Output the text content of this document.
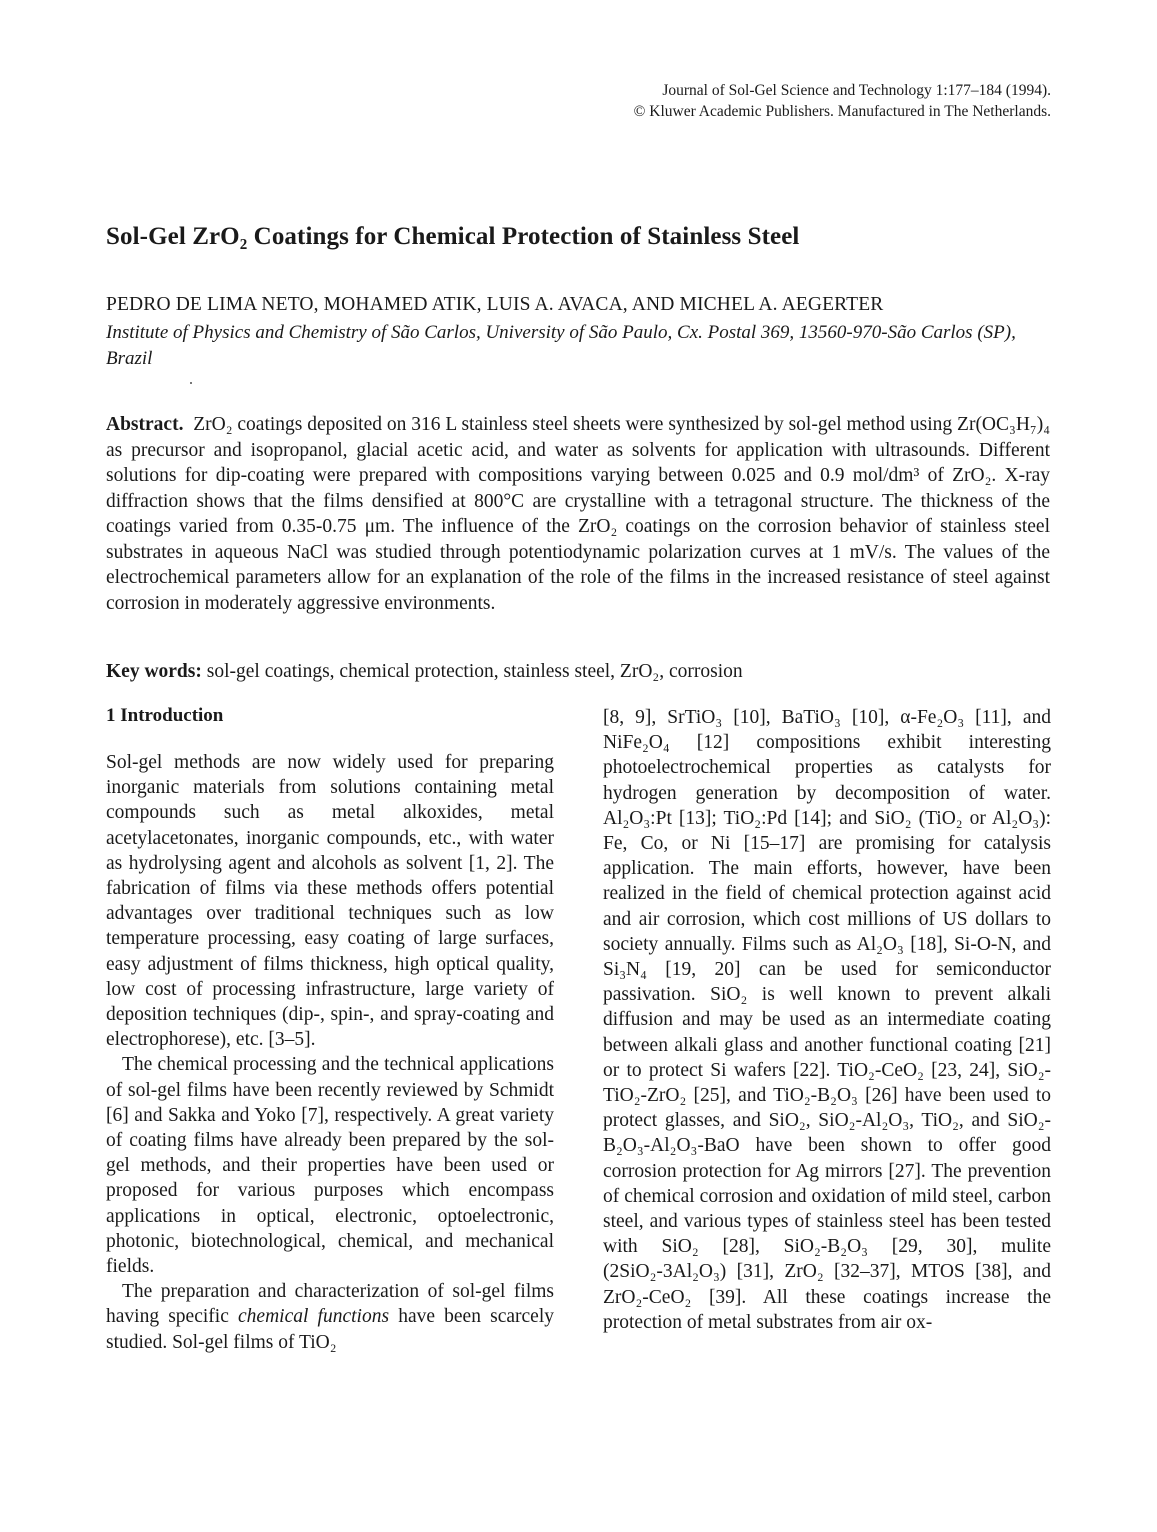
Journal of Sol-Gel Science and Technology 1:177–184 (1994).
© Kluwer Academic Publishers. Manufactured in The Netherlands.
Sol-Gel ZrO₂ Coatings for Chemical Protection of Stainless Steel
PEDRO DE LIMA NETO, MOHAMED ATIK, LUIS A. AVACA, AND MICHEL A. AEGERTER
Institute of Physics and Chemistry of São Carlos, University of São Paulo, Cx. Postal 369, 13560-970-São Carlos (SP), Brazil

Abstract. ZrO₂ coatings deposited on 316 L stainless steel sheets were synthesized by sol-gel method using Zr(OC₃H₇)₄ as precursor and isopropanol, glacial acetic acid, and water as solvents for application with ultrasounds. Different solutions for dip-coating were prepared with compositions varying between 0.025 and 0.9 mol/dm³ of ZrO₂. X-ray diffraction shows that the films densified at 800°C are crystalline with a tetragonal structure. The thickness of the coatings varied from 0.35-0.75 μm. The influence of the ZrO₂ coatings on the corrosion behavior of stainless steel substrates in aqueous NaCl was studied through potentiodynamic polarization curves at 1 mV/s. The values of the electrochemical parameters allow for an explanation of the role of the films in the increased resistance of steel against corrosion in moderately aggressive environments.

Key words: sol-gel coatings, chemical protection, stainless steel, ZrO₂, corrosion

1 Introduction

Sol-gel methods are now widely used for preparing inorganic materials from solutions containing metal compounds such as metal alkoxides, metal acetylacetonates, inorganic compounds, etc., with water as hydrolysing agent and alcohols as solvent [1, 2]. The fabrication of films via these methods offers potential advantages over traditional techniques such as low temperature processing, easy coating of large surfaces, easy adjustment of films thickness, high optical quality, low cost of processing infrastructure, large variety of deposition techniques (dip-, spin-, and spray-coating and electrophorese), etc. [3–5].

The chemical processing and the technical applications of sol-gel films have been recently reviewed by Schmidt [6] and Sakka and Yoko [7], respectively. A great variety of coating films have already been prepared by the sol-gel methods, and their properties have been used or proposed for various purposes which encompass applications in optical, electronic, optoelectronic, photonic, biotechnological, chemical, and mechanical fields.

The preparation and characterization of sol-gel films having specific chemical functions have been scarcely studied. Sol-gel films of TiO₂

[8, 9], SrTiO₃ [10], BaTiO₃ [10], α-Fe₂O₃ [11], and NiFe₂O₄ [12] compositions exhibit interesting photoelectrochemical properties as catalysts for hydrogen generation by decomposition of water. Al₂O₃:Pt [13]; TiO₂:Pd [14]; and SiO₂ (TiO₂ or Al₂O₃): Fe, Co, or Ni [15–17] are promising for catalysis application. The main efforts, however, have been realized in the field of chemical protection against acid and air corrosion, which cost millions of US dollars to society annually. Films such as Al₂O₃ [18], Si-O-N, and Si₃N₄ [19, 20] can be used for semiconductor passivation. SiO₂ is well known to prevent alkali diffusion and may be used as an intermediate coating between alkali glass and another functional coating [21] or to protect Si wafers [22]. TiO₂-CeO₂ [23, 24], SiO₂-TiO₂-ZrO₂ [25], and TiO₂-B₂O₃ [26] have been used to protect glasses, and SiO₂, SiO₂-Al₂O₃, TiO₂, and SiO₂-B₂O₃-Al₂O₃-BaO have been shown to offer good corrosion protection for Ag mirrors [27]. The prevention of chemical corrosion and oxidation of mild steel, carbon steel, and various types of stainless steel has been tested with SiO₂ [28], SiO₂-B₂O₃ [29, 30], mulite (2SiO₂-3Al₂O₃) [31], ZrO₂ [32–37], MTOS [38], and ZrO₂-CeO₂ [39]. All these coatings increase the protection of metal substrates from air ox-
